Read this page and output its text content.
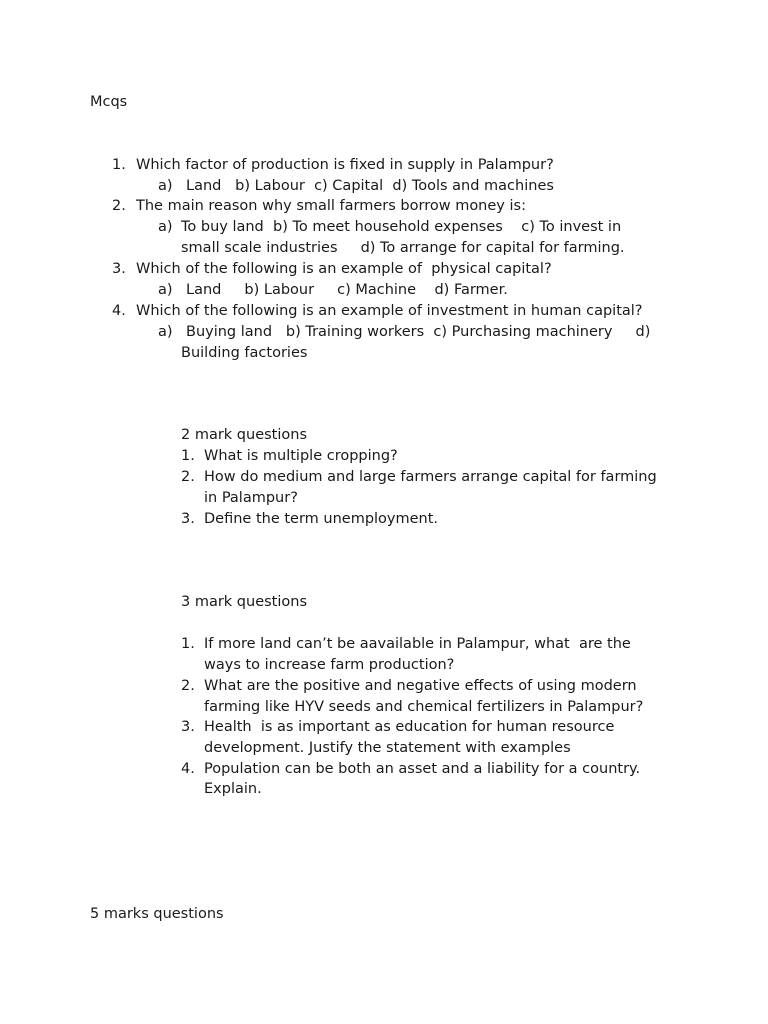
Mcqs
1. Which factor of production is fixed in supply in Palampur?
a) Land   b) Labour  c) Capital  d) Tools and machines
2. The main reason why small farmers borrow money is:
a) To buy land  b) To meet household expenses    c) To invest in
small scale industries     d) To arrange for capital for farming.
3. Which of the following is an example of  physical capital?
a) Land     b) Labour     c) Machine    d) Farmer.
4. Which of the following is an example of investment in human capital?
a) Buying land   b) Training workers  c) Purchasing machinery     d)
Building factories
2 mark questions
1. What is multiple cropping?
2. How do medium and large farmers arrange capital for farming
in Palampur?
3. Define the term unemployment.
3 mark questions
1. If more land can’t be aavailable in Palampur, what  are the
ways to increase farm production?
2. What are the positive and negative effects of using modern
farming like HYV seeds and chemical fertilizers in Palampur?
3. Health  is as important as education for human resource
development. Justify the statement with examples
4. Population can be both an asset and a liability for a country.
Explain.
5 marks questions
